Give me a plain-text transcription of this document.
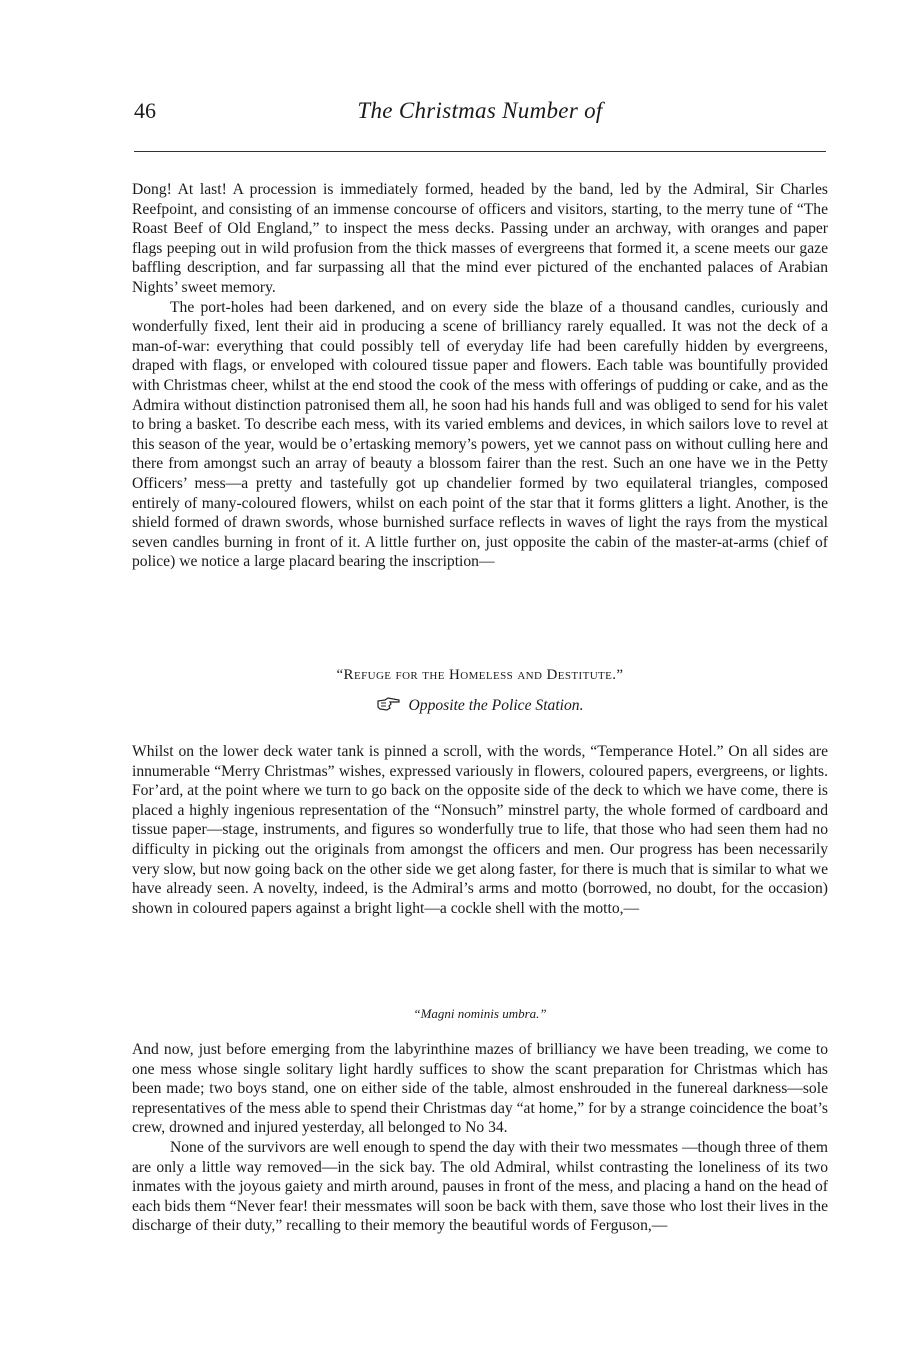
46	The Christmas Number of

Dong! At last! A procession is immediately formed, headed by the band, led by the Admiral, Sir Charles Reefpoint, and consisting of an immense concourse of officers and visitors, starting, to the merry tune of “The Roast Beef of Old England,” to inspect the mess decks. Passing under an archway, with oranges and paper flags peeping out in wild profusion from the thick masses of evergreens that formed it, a scene meets our gaze baffling description, and far surpassing all that the mind ever pictured of the enchanted palaces of Arabian Nights’ sweet memory.

The port-holes had been darkened, and on every side the blaze of a thousand candles, curiously and wonderfully fixed, lent their aid in producing a scene of brilliancy rarely equalled. It was not the deck of a man-of-war: everything that could possibly tell of everyday life had been carefully hidden by evergreens, draped with flags, or enveloped with coloured tissue paper and flowers. Each table was bountifully provided with Christmas cheer, whilst at the end stood the cook of the mess with offerings of pudding or cake, and as the Admira without distinction patronised them all, he soon had his hands full and was obliged to send for his valet to bring a basket. To describe each mess, with its varied emblems and devices, in which sailors love to revel at this season of the year, would be o’ertasking memory’s powers, yet we cannot pass on without culling here and there from amongst such an array of beauty a blossom fairer than the rest. Such an one have we in the Petty Officers’ mess—a pretty and tastefully got up chandelier formed by two equilateral triangles, composed entirely of many-coloured flowers, whilst on each point of the star that it forms glitters a light. Another, is the shield formed of drawn swords, whose burnished surface reflects in waves of light the rays from the mystical seven candles burning in front of it. A little further on, just opposite the cabin of the master-at-arms (chief of police) we notice a large placard bearing the inscription—

“Refuge for the Homeless and Destitute.”
Opposite the Police Station.

Whilst on the lower deck water tank is pinned a scroll, with the words, “Temperance Hotel.” On all sides are innumerable “Merry Christmas” wishes, expressed variously in flowers, coloured papers, evergreens, or lights. For’ard, at the point where we turn to go back on the opposite side of the deck to which we have come, there is placed a highly ingenious representation of the “Nonsuch” minstrel party, the whole formed of cardboard and tissue paper—stage, instruments, and figures so wonderfully true to life, that those who had seen them had no difficulty in picking out the originals from amongst the officers and men. Our progress has been necessarily very slow, but now going back on the other side we get along faster, for there is much that is similar to what we have already seen. A novelty, indeed, is the Admiral’s arms and motto (borrowed, no doubt, for the occasion) shown in coloured papers against a bright light—a cockle shell with the motto,—

“Magni nominis umbra.”

And now, just before emerging from the labyrinthine mazes of brilliancy we have been treading, we come to one mess whose single solitary light hardly suffices to show the scant preparation for Christmas which has been made; two boys stand, one on either side of the table, almost enshrouded in the funereal darkness—sole representatives of the mess able to spend their Christmas day “at home,” for by a strange coincidence the boat’s crew, drowned and injured yesterday, all belonged to No 34.

None of the survivors are well enough to spend the day with their two messmates —though three of them are only a little way removed—in the sick bay. The old Admiral, whilst contrasting the loneliness of its two inmates with the joyous gaiety and mirth around, pauses in front of the mess, and placing a hand on the head of each bids them “Never fear! their messmates will soon be back with them, save those who lost their lives in the discharge of their duty,” recalling to their memory the beautiful words of Ferguson,—
